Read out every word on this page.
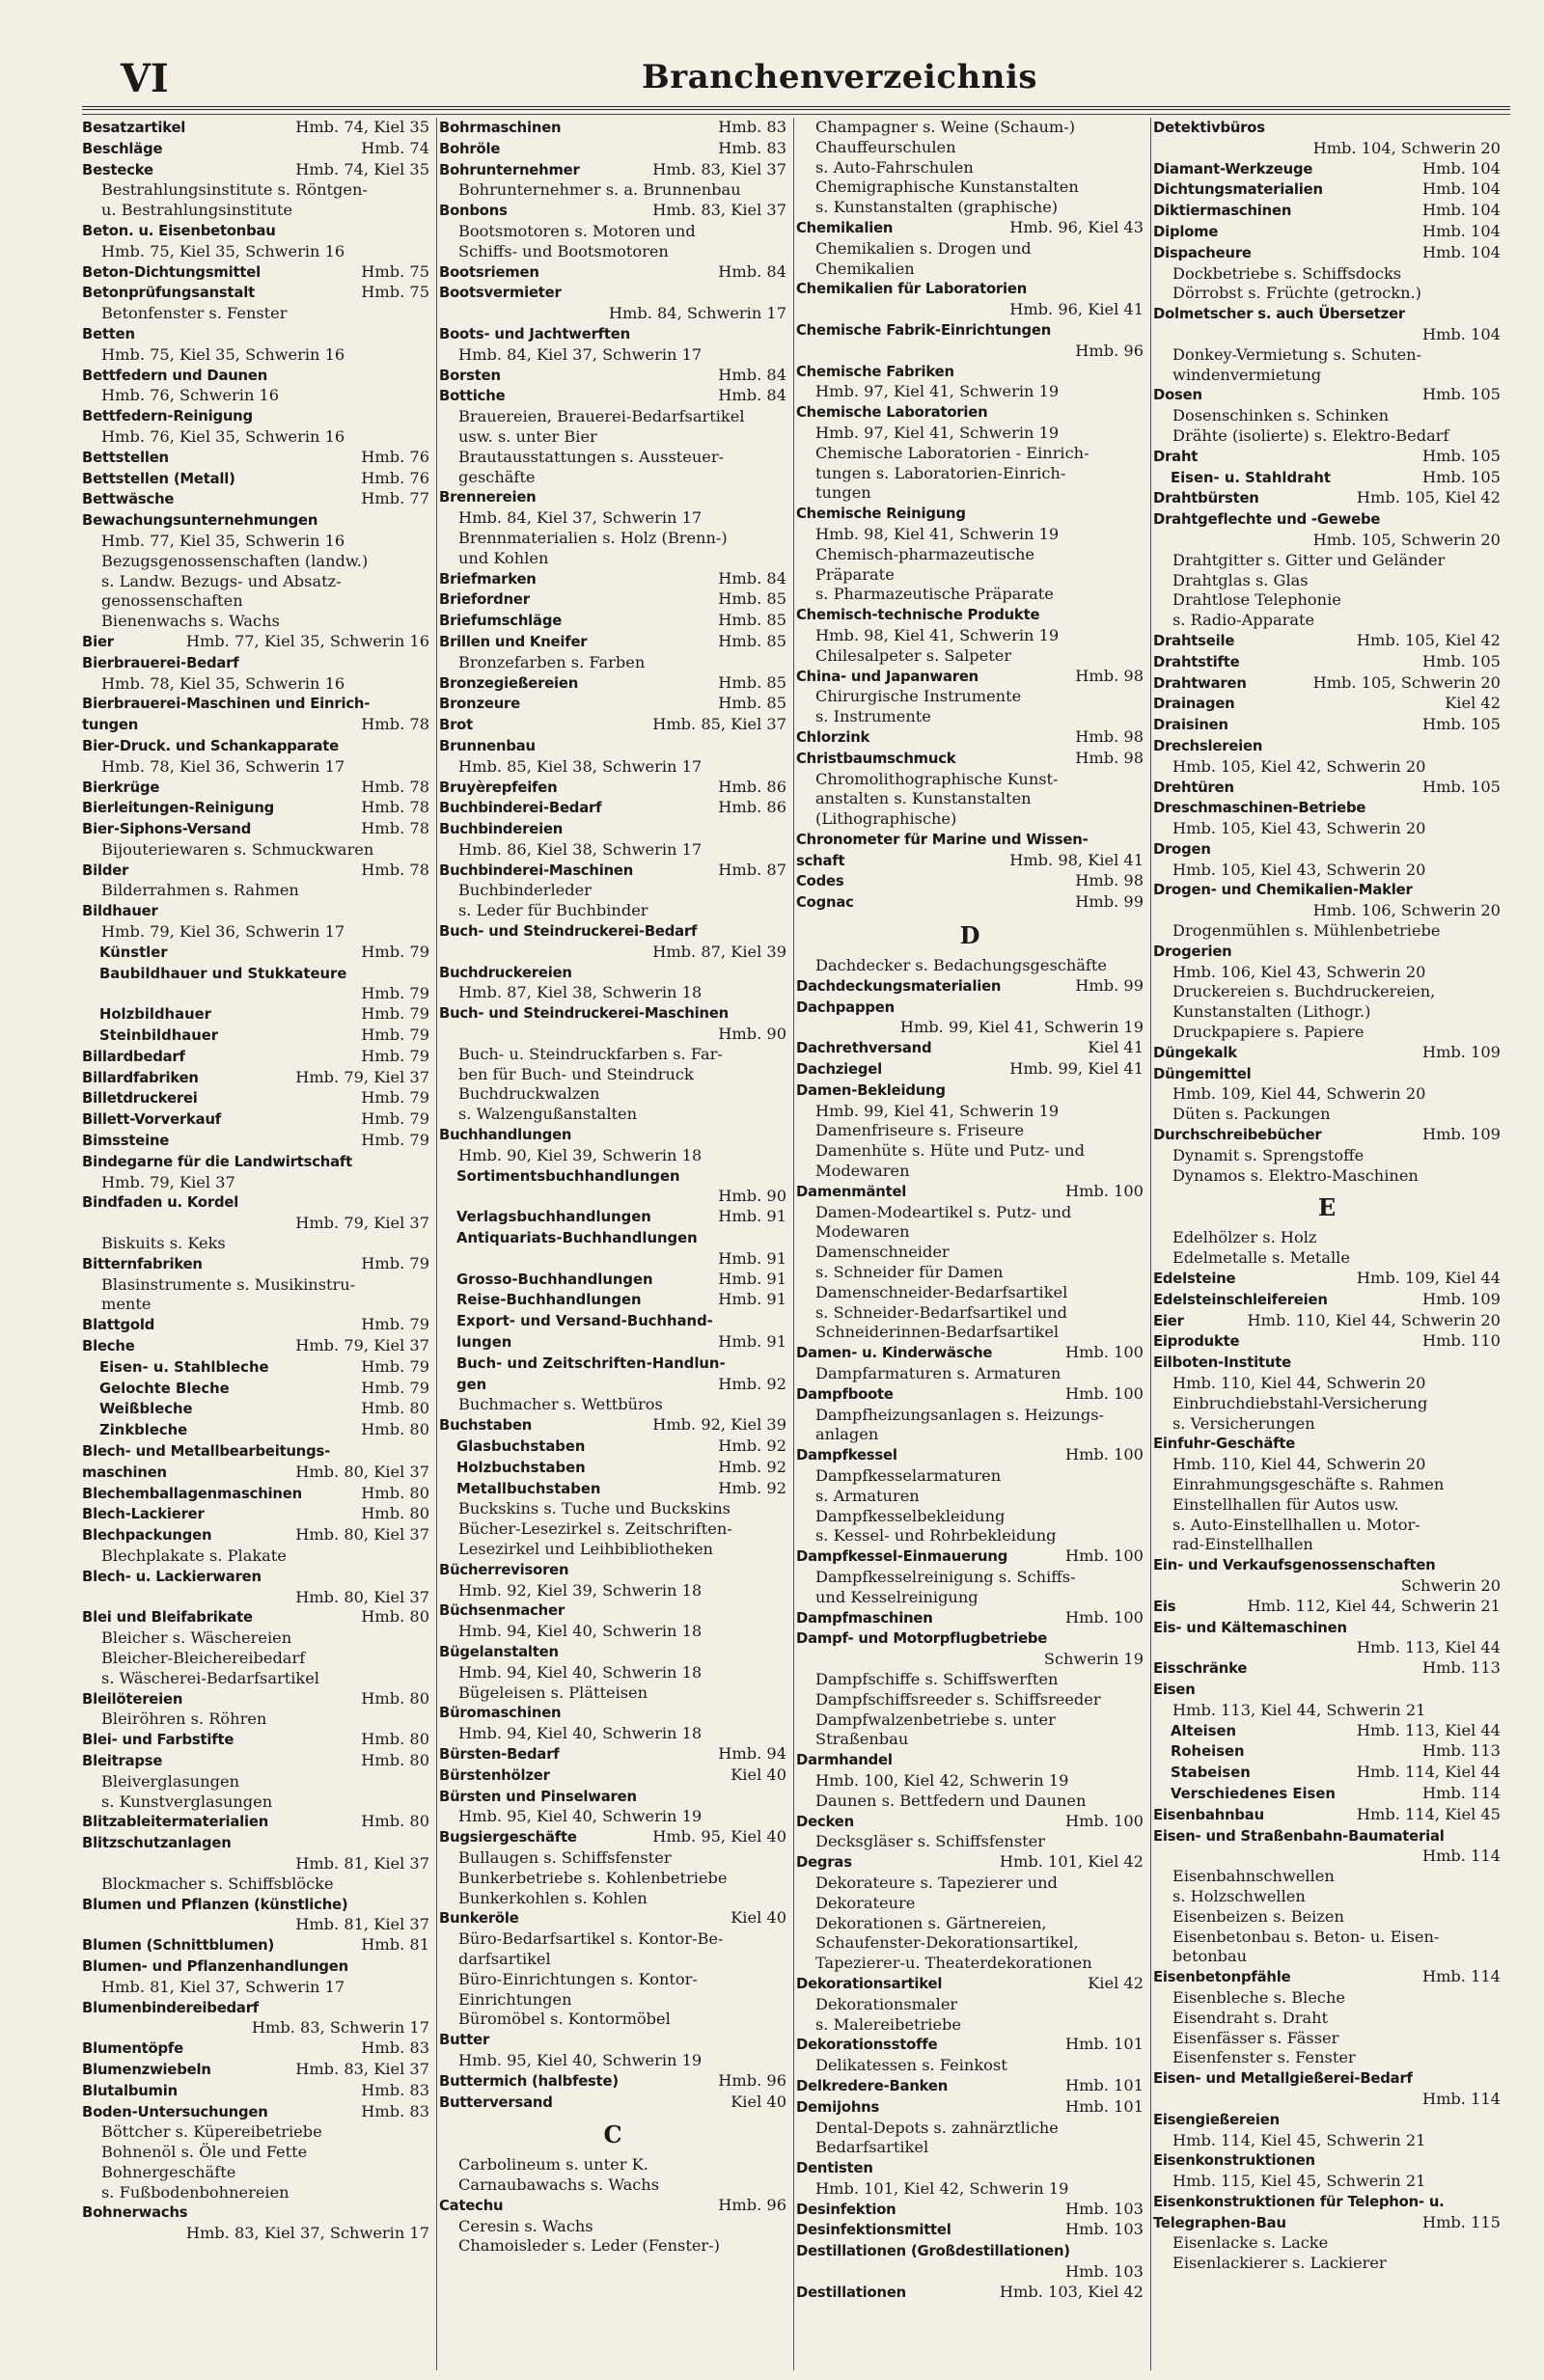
VI	Branchenverzeichnis
Hmb. 74, Kiel 35
Besatzartikel
Hmb. 74
Beschläge
Hmb. 74, Kiel 35
Bestecke
Bestrahlungsinstitute s. Röntgen-
u. Bestrahlungsinstitute
Beton. u. Eisenbetonbau
Hmb. 75, Kiel 35, Schwerin 16
Hmb. 75
Beton-Dichtungsmittel
Hmb. 75
Betonprüfungsanstalt
Betonfenster s. Fenster
Betten
Hmb. 75, Kiel 35, Schwerin 16
Bettfedern und Daunen
Hmb. 76, Schwerin 16
Bettfedern-Reinigung
Hmb. 76, Kiel 35, Schwerin 16
Hmb. 76
Bettstellen
Hmb. 76
Bettstellen (Metall)
Hmb. 77
Bettwäsche
Bewachungsunternehmungen
Hmb. 77, Kiel 35, Schwerin 16
Bezugsgenossenschaften (landw.)
s. Landw. Bezugs- und Absatz-
genossenschaften
Bienenwachs s. Wachs
Hmb. 77, Kiel 35, Schwerin 16
Bier
Bierbrauerei-Bedarf
Hmb. 78, Kiel 35, Schwerin 16
Bierbrauerei-Maschinen und Einrich-
Hmb. 78
tungen
Bier-Druck. und Schankapparate
Hmb. 78, Kiel 36, Schwerin 17
Hmb. 78
Bierkrüge
Hmb. 78
Bierleitungen-Reinigung
Hmb. 78
Bier-Siphons-Versand
Bijouteriewaren s. Schmuckwaren
Hmb. 78
Bilder
Bilderrahmen s. Rahmen
Bildhauer
Hmb. 79, Kiel 36, Schwerin 17
Hmb. 79
Künstler
Baubildhauer und Stukkateure
Hmb. 79

Hmb. 79
Holzbildhauer
Hmb. 79
Steinbildhauer
Hmb. 79
Billardbedarf
Hmb. 79, Kiel 37
Billardfabriken
Hmb. 79
Billetdruckerei
Hmb. 79
Billett-Vorverkauf
Hmb. 79
Bimssteine
Bindegarne für die Landwirtschaft
Hmb. 79, Kiel 37
Bindfaden u. Kordel
Hmb. 79, Kiel 37

Biskuits s. Keks
Hmb. 79
Bitternfabriken
Blasinstrumente s. Musikinstru-
mente
Hmb. 79
Blattgold
Hmb. 79, Kiel 37
Bleche
Hmb. 79
Eisen- u. Stahlbleche
Hmb. 79
Gelochte Bleche
Hmb. 80
Weißbleche
Hmb. 80
Zinkbleche
Blech- und Metallbearbeitungs-
Hmb. 80, Kiel 37
maschinen
Hmb. 80
Blechemballagenmaschinen
Hmb. 80
Blech-Lackierer
Hmb. 80, Kiel 37
Blechpackungen
Blechplakate s. Plakate
Blech- u. Lackierwaren
Hmb. 80, Kiel 37

Hmb. 80
Blei und Bleifabrikate
Bleicher s. Wäschereien
Bleicher-Bleichereibedarf
s. Wäscherei-Bedarfsartikel
Hmb. 80
Bleilötereien
Bleiröhren s. Röhren
Hmb. 80
Blei- und Farbstifte
Hmb. 80
Bleitrapse
Bleiverglasungen
s. Kunstverglasungen
Hmb. 80
Blitzableitermaterialien
Blitzschutzanlagen
Hmb. 81, Kiel 37

Blockmacher s. Schiffsblöcke
Blumen und Pflanzen (künstliche)
Hmb. 81, Kiel 37

Hmb. 81
Blumen (Schnittblumen)
Blumen- und Pflanzenhandlungen
Hmb. 81, Kiel 37, Schwerin 17
Blumenbindereibedarf
Hmb. 83, Schwerin 17

Hmb. 83
Blumentöpfe
Hmb. 83, Kiel 37
Blumenzwiebeln
Hmb. 83
Blutalbumin
Hmb. 83
Boden-Untersuchungen
Böttcher s. Küpereibetriebe
Bohnenöl s. Öle und Fette
Bohnergeschäfte
s. Fußbodenbohnereien
Bohnerwachs
Hmb. 83, Kiel 37, Schwerin 17

Hmb. 83
Bohrmaschinen
Hmb. 83
Bohröle
Hmb. 83, Kiel 37
Bohrunternehmer
Bohrunternehmer s. a. Brunnenbau
Hmb. 83, Kiel 37
Bonbons
Bootsmotoren s. Motoren und
Schiffs- und Bootsmotoren
Hmb. 84
Bootsriemen
Bootsvermieter
Hmb. 84, Schwerin 17

Boots- und Jachtwerften
Hmb. 84, Kiel 37, Schwerin 17
Hmb. 84
Borsten
Hmb. 84
Bottiche
Brauereien, Brauerei-Bedarfsartikel
usw. s. unter Bier
Brautausstattungen s. Aussteuer-
geschäfte
Brennereien
Hmb. 84, Kiel 37, Schwerin 17
Brennmaterialien s. Holz (Brenn-)
und Kohlen
Hmb. 84
Briefmarken
Hmb. 85
Briefordner
Hmb. 85
Briefumschläge
Hmb. 85
Brillen und Kneifer
Bronzefarben s. Farben
Hmb. 85
Bronzegießereien
Hmb. 85
Bronzeure
Hmb. 85, Kiel 37
Brot
Brunnenbau
Hmb. 85, Kiel 38, Schwerin 17
Hmb. 86
Bruyèrepfeifen
Hmb. 86
Buchbinderei-Bedarf
Buchbindereien
Hmb. 86, Kiel 38, Schwerin 17
Hmb. 87
Buchbinderei-Maschinen
Buchbinderleder
s. Leder für Buchbinder
Buch- und Steindruckerei-Bedarf
Hmb. 87, Kiel 39

Buchdruckereien
Hmb. 87, Kiel 38, Schwerin 18
Buch- und Steindruckerei-Maschinen
Hmb. 90

Buch- u. Steindruckfarben s. Far-
ben für Buch- und Steindruck
Buchdruckwalzen
s. Walzengußanstalten
Buchhandlungen
Hmb. 90, Kiel 39, Schwerin 18
Sortimentsbuchhandlungen
Hmb. 90

Hmb. 91
Verlagsbuchhandlungen
Antiquariats-Buchhandlungen
Hmb. 91

Hmb. 91
Grosso-Buchhandlungen
Hmb. 91
Reise-Buchhandlungen
Export- und Versand-Buchhand-
Hmb. 91
lungen
Buch- und Zeitschriften-Handlun-
Hmb. 92
gen
Buchmacher s. Wettbüros
Hmb. 92, Kiel 39
Buchstaben
Hmb. 92
Glasbuchstaben
Hmb. 92
Holzbuchstaben
Hmb. 92
Metallbuchstaben
Buckskins s. Tuche und Buckskins
Bücher-Lesezirkel s. Zeitschriften-
Lesezirkel und Leihbibliotheken
Bücherrevisoren
Hmb. 92, Kiel 39, Schwerin 18
Büchsenmacher
Hmb. 94, Kiel 40, Schwerin 18
Bügelanstalten
Hmb. 94, Kiel 40, Schwerin 18
Bügeleisen s. Plätteisen
Büromaschinen
Hmb. 94, Kiel 40, Schwerin 18
Hmb. 94
Bürsten-Bedarf
Kiel 40
Bürstenhölzer
Bürsten und Pinselwaren
Hmb. 95, Kiel 40, Schwerin 19
Hmb. 95, Kiel 40
Bugsiergeschäfte
Bullaugen s. Schiffsfenster
Bunkerbetriebe s. Kohlenbetriebe
Bunkerkohlen s. Kohlen
Kiel 40
Bunkeröle
Büro-Bedarfsartikel s. Kontor-Be-
darfsartikel
Büro-Einrichtungen s. Kontor-
Einrichtungen
Büromöbel s. Kontormöbel
Butter
Hmb. 95, Kiel 40, Schwerin 19
Hmb. 96
Buttermich (halbfeste)
Kiel 40
Butterversand
C
Carbolineum s. unter K.
Carnaubawachs s. Wachs
Hmb. 96
Catechu
Ceresin s. Wachs
Chamoisleder s. Leder (Fenster-)
Champagner s. Weine (Schaum-)
Chauffeurschulen
s. Auto-Fahrschulen
Chemigraphische Kunstanstalten
s. Kunstanstalten (graphische)
Hmb. 96, Kiel 43
Chemikalien
Chemikalien s. Drogen und
Chemikalien
Chemikalien für Laboratorien
Hmb. 96, Kiel 41

Chemische Fabrik-Einrichtungen
Hmb. 96

Chemische Fabriken
Hmb. 97, Kiel 41, Schwerin 19
Chemische Laboratorien
Hmb. 97, Kiel 41, Schwerin 19
Chemische Laboratorien - Einrich-
tungen s. Laboratorien-Einrich-
tungen
Chemische Reinigung
Hmb. 98, Kiel 41, Schwerin 19
Chemisch-pharmazeutische
Präparate
s. Pharmazeutische Präparate
Chemisch-technische Produkte
Hmb. 98, Kiel 41, Schwerin 19
Chilesalpeter s. Salpeter
Hmb. 98
China- und Japanwaren
Chirurgische Instrumente
s. Instrumente
Hmb. 98
Chlorzink
Hmb. 98
Christbaumschmuck
Chromolithographische Kunst-
anstalten s. Kunstanstalten
(Lithographische)
Chronometer für Marine und Wissen-
Hmb. 98, Kiel 41
schaft
Hmb. 98
Codes
Hmb. 99
Cognac
D
Dachdecker s. Bedachungsgeschäfte
Hmb. 99
Dachdeckungsmaterialien
Dachpappen
Hmb. 99, Kiel 41, Schwerin 19

Kiel 41
Dachrethversand
Hmb. 99, Kiel 41
Dachziegel
Damen-Bekleidung
Hmb. 99, Kiel 41, Schwerin 19
Damenfriseure s. Friseure
Damenhüte s. Hüte und Putz- und
Modewaren
Hmb. 100
Damenmäntel
Damen-Modeartikel s. Putz- und
Modewaren
Damenschneider
s. Schneider für Damen
Damenschneider-Bedarfsartikel
s. Schneider-Bedarfsartikel und
Schneiderinnen-Bedarfsartikel
Hmb. 100
Damen- u. Kinderwäsche
Dampfarmaturen s. Armaturen
Hmb. 100
Dampfboote
Dampfheizungsanlagen s. Heizungs-
anlagen
Hmb. 100
Dampfkessel
Dampfkesselarmaturen
s. Armaturen
Dampfkesselbekleidung
s. Kessel- und Rohrbekleidung
Hmb. 100
Dampfkessel-Einmauerung
Dampfkesselreinigung s. Schiffs-
und Kesselreinigung
Hmb. 100
Dampfmaschinen
Dampf- und Motorpflugbetriebe
Schwerin 19

Dampfschiffe s. Schiffswerften
Dampfschiffsreeder s. Schiffsreeder
Dampfwalzenbetriebe s. unter
Straßenbau
Darmhandel
Hmb. 100, Kiel 42, Schwerin 19
Daunen s. Bettfedern und Daunen
Hmb. 100
Decken
Decksgläser s. Schiffsfenster
Hmb. 101, Kiel 42
Degras
Dekorateure s. Tapezierer und
Dekorateure
Dekorationen s. Gärtnereien,
Schaufenster-Dekorationsartikel,
Tapezierer-u. Theaterdekorationen
Kiel 42
Dekorationsartikel
Dekorationsmaler
s. Malereibetriebe
Hmb. 101
Dekorationsstoffe
Delikatessen s. Feinkost
Hmb. 101
Delkredere-Banken
Hmb. 101
Demijohns
Dental-Depots s. zahnärztliche
Bedarfsartikel
Dentisten
Hmb. 101, Kiel 42, Schwerin 19
Hmb. 103
Desinfektion
Hmb. 103
Desinfektionsmittel
Destillationen (Großdestillationen)
Hmb. 103

Hmb. 103, Kiel 42
Destillationen
Detektivbüros
Hmb. 104, Schwerin 20

Hmb. 104
Diamant-Werkzeuge
Hmb. 104
Dichtungsmaterialien
Hmb. 104
Diktiermaschinen
Hmb. 104
Diplome
Hmb. 104
Dispacheure
Dockbetriebe s. Schiffsdocks
Dörrobst s. Früchte (getrockn.)
Dolmetscher s. auch Übersetzer
Hmb. 104

Donkey-Vermietung s. Schuten-
windenvermietung
Hmb. 105
Dosen
Dosenschinken s. Schinken
Drähte (isolierte) s. Elektro-Bedarf
Hmb. 105
Draht
Hmb. 105
Eisen- u. Stahldraht
Hmb. 105, Kiel 42
Drahtbürsten
Drahtgeflechte und -Gewebe
Hmb. 105, Schwerin 20

Drahtgitter s. Gitter und Geländer
Drahtglas s. Glas
Drahtlose Telephonie
s. Radio-Apparate
Hmb. 105, Kiel 42
Drahtseile
Hmb. 105
Drahtstifte
Hmb. 105, Schwerin 20
Drahtwaren
Kiel 42
Drainagen
Hmb. 105
Draisinen
Drechslereien
Hmb. 105, Kiel 42, Schwerin 20
Hmb. 105
Drehtüren
Dreschmaschinen-Betriebe
Hmb. 105, Kiel 43, Schwerin 20
Drogen
Hmb. 105, Kiel 43, Schwerin 20
Drogen- und Chemikalien-Makler
Hmb. 106, Schwerin 20

Drogenmühlen s. Mühlenbetriebe
Drogerien
Hmb. 106, Kiel 43, Schwerin 20
Druckereien s. Buchdruckereien,
Kunstanstalten (Lithogr.)
Druckpapiere s. Papiere
Hmb. 109
Düngekalk
Düngemittel
Hmb. 109, Kiel 44, Schwerin 20
Düten s. Packungen
Hmb. 109
Durchschreibebücher
Dynamit s. Sprengstoffe
Dynamos s. Elektro-Maschinen
E
Edelhölzer s. Holz
Edelmetalle s. Metalle
Hmb. 109, Kiel 44
Edelsteine
Hmb. 109
Edelsteinschleifereien
Hmb. 110, Kiel 44, Schwerin 20
Eier
Hmb. 110
Eiprodukte
Eilboten-Institute
Hmb. 110, Kiel 44, Schwerin 20
Einbruchdiebstahl-Versicherung
s. Versicherungen
Einfuhr-Geschäfte
Hmb. 110, Kiel 44, Schwerin 20
Einrahmungsgeschäfte s. Rahmen
Einstellhallen für Autos usw.
s. Auto-Einstellhallen u. Motor-
rad-Einstellhallen
Ein- und Verkaufsgenossenschaften
Schwerin 20

Hmb. 112, Kiel 44, Schwerin 21
Eis
Eis- und Kältemaschinen
Hmb. 113, Kiel 44

Hmb. 113
Eisschränke
Eisen
Hmb. 113, Kiel 44, Schwerin 21
Hmb. 113, Kiel 44
Alteisen
Hmb. 113
Roheisen
Hmb. 114, Kiel 44
Stabeisen
Hmb. 114
Verschiedenes Eisen
Hmb. 114, Kiel 45
Eisenbahnbau
Eisen- und Straßenbahn-Baumaterial
Hmb. 114

Eisenbahnschwellen
s. Holzschwellen
Eisenbeizen s. Beizen
Eisenbetonbau s. Beton- u. Eisen-
betonbau
Hmb. 114
Eisenbetonpfähle
Eisenbleche s. Bleche
Eisendraht s. Draht
Eisenfässer s. Fässer
Eisenfenster s. Fenster
Eisen- und Metallgießerei-Bedarf
Hmb. 114

Eisengießereien
Hmb. 114, Kiel 45, Schwerin 21
Eisenkonstruktionen
Hmb. 115, Kiel 45, Schwerin 21
Eisenkonstruktionen für Telephon- u.
Hmb. 115
Telegraphen-Bau
Eisenlacke s. Lacke
Eisenlackierer s. Lackierer
